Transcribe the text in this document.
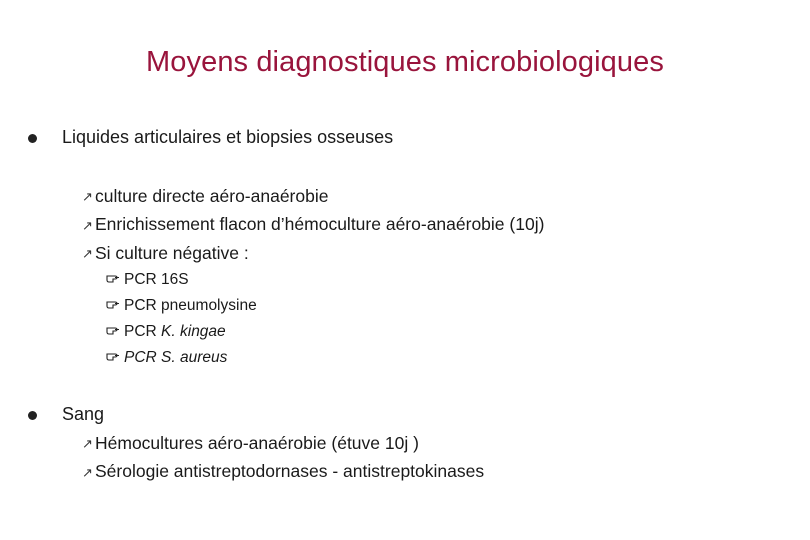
Moyens diagnostiques microbiologiques
Liquides articulaires et biopsies osseuses
↗ culture directe aéro-anaérobie
↗ Enrichissement flacon d’hémoculture aéro-anaérobie (10j)
↗ Si culture négative :
PCR 16S
PCR pneumolysine
PCR K. kingae
PCR S. aureus
Sang
↗ Hémocultures aéro-anaérobie (étuve 10j )
↗ Sérologie antistreptodornases - antistreptokinases
